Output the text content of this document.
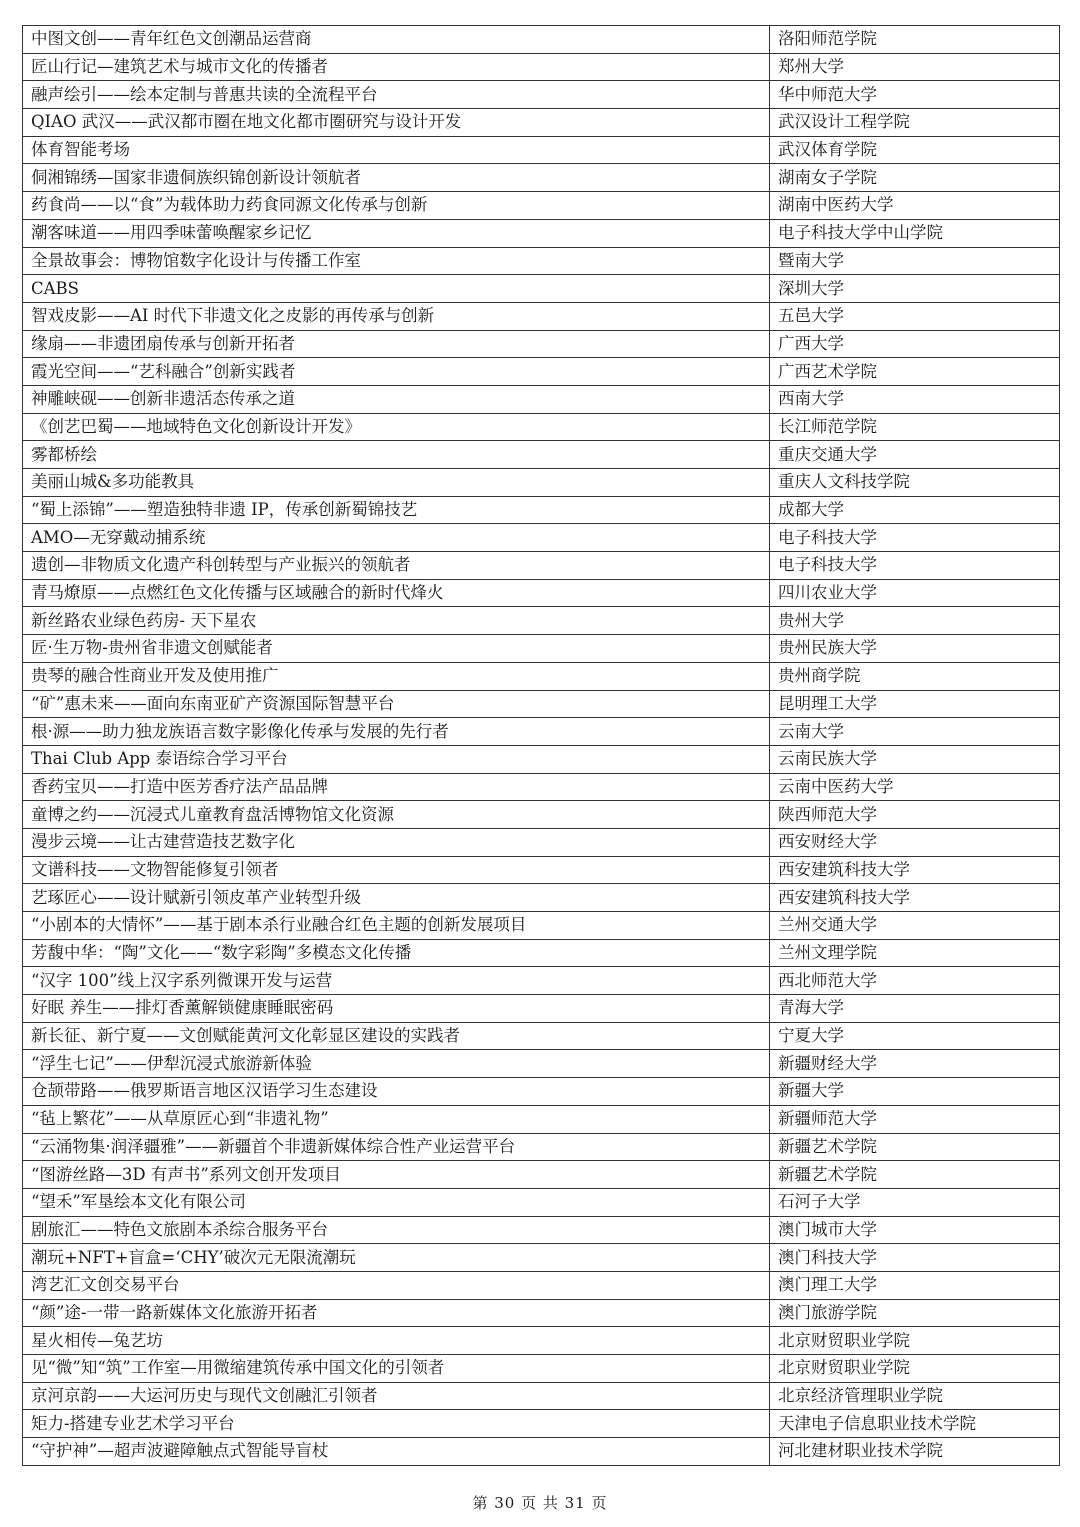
中图文创——青年红色文创潮品运营商	洛阳师范学院
匠山行记—建筑艺术与城市文化的传播者	郑州大学
融声绘引——绘本定制与普惠共读的全流程平台	华中师范大学
QIAO 武汉——武汉都市圈在地文化都市圈研究与设计开发	武汉设计工程学院
体育智能考场	武汉体育学院
侗湘锦绣—国家非遗侗族织锦创新设计领航者	湖南女子学院
药食尚——以“食”为载体助力药食同源文化传承与创新	湖南中医药大学
潮客味道——用四季味蕾唤醒家乡记忆	电子科技大学中山学院
全景故事会：博物馆数字化设计与传播工作室	暨南大学
CABS	深圳大学
智戏皮影——AI 时代下非遗文化之皮影的再传承与创新	五邑大学
缘扇——非遗团扇传承与创新开拓者	广西大学
霞光空间——“艺科融合”创新实践者	广西艺术学院
神雕峡砚——创新非遗活态传承之道	西南大学
《创艺巴蜀——地域特色文化创新设计开发》	长江师范学院
雾都桥绘	重庆交通大学
美丽山城&多功能教具	重庆人文科技学院
“蜀上添锦”——塑造独特非遗 IP，传承创新蜀锦技艺	成都大学
AMO—无穿戴动捕系统	电子科技大学
遗创—非物质文化遗产科创转型与产业振兴的领航者	电子科技大学
青马燎原——点燃红色文化传播与区域融合的新时代烽火	四川农业大学
新丝路农业绿色药房- 天下星农	贵州大学
匠·生万物-贵州省非遗文创赋能者	贵州民族大学
贵琴的融合性商业开发及使用推广	贵州商学院
“矿”惠未来——面向东南亚矿产资源国际智慧平台	昆明理工大学
根·源——助力独龙族语言数字影像化传承与发展的先行者	云南大学
Thai Club App 泰语综合学习平台	云南民族大学
香药宝贝——打造中医芳香疗法产品品牌	云南中医药大学
童博之约——沉浸式儿童教育盘活博物馆文化资源	陕西师范大学
漫步云境——让古建营造技艺数字化	西安财经大学
文谱科技——文物智能修复引领者	西安建筑科技大学
艺琢匠心——设计赋新引领皮革产业转型升级	西安建筑科技大学
“小剧本的大情怀”——基于剧本杀行业融合红色主题的创新发展项目	兰州交通大学
芳馥中华：“陶”文化——“数字彩陶”多模态文化传播	兰州文理学院
“汉字 100”线上汉字系列微课开发与运营	西北师范大学
好眠 养生——排灯香薰解锁健康睡眠密码	青海大学
新长征、新宁夏——文创赋能黄河文化彰显区建设的实践者	宁夏大学
“浮生七记”——伊犁沉浸式旅游新体验	新疆财经大学
仓颉带路——俄罗斯语言地区汉语学习生态建设	新疆大学
“毡上繁花”——从草原匠心到“非遗礼物”	新疆师范大学
“云涌物集·润泽疆雅”——新疆首个非遗新媒体综合性产业运营平台	新疆艺术学院
“图游丝路—3D 有声书”系列文创开发项目	新疆艺术学院
“望禾”军垦绘本文化有限公司	石河子大学
剧旅汇——特色文旅剧本杀综合服务平台	澳门城市大学
潮玩+NFT+盲盒=‘CHY’破次元无限流潮玩	澳门科技大学
湾艺汇文创交易平台	澳门理工大学
“颜”途-一带一路新媒体文化旅游开拓者	澳门旅游学院
星火相传—兔艺坊	北京财贸职业学院
见“微”知“筑”工作室—用微缩建筑传承中国文化的引领者	北京财贸职业学院
京河京韵——大运河历史与现代文创融汇引领者	北京经济管理职业学院
矩力-搭建专业艺术学习平台	天津电子信息职业技术学院
“守护神”—超声波避障触点式智能导盲杖	河北建材职业技术学院
第 30 页 共 31 页
